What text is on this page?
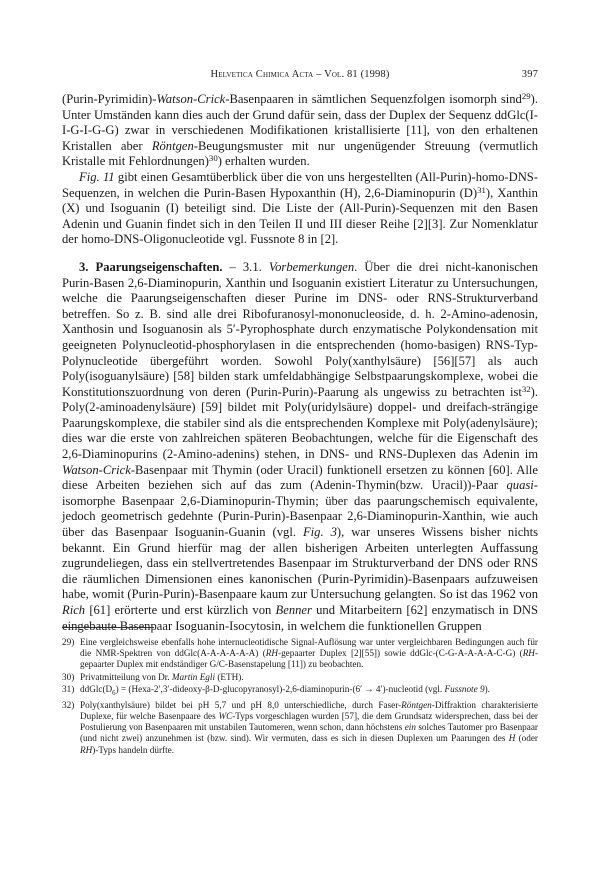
Helvetica Chimica Acta – Vol. 81 (1998)	397

(Purin-Pyrimidin)-Watson-Crick-Basenpaaren in sämtlichen Sequenzfolgen isomorph sind$^{29}$). Unter Umständen kann dies auch der Grund dafür sein, dass der Duplex der Sequenz ddGlc(I-I-G-I-G-G) zwar in verschiedenen Modifikationen kristallisierte [11], von den erhaltenen Kristallen aber Röntgen-Beugungsmuster mit nur ungenügender Streuung (vermutlich Kristalle mit Fehlordnungen)$^{30}$) erhalten wurden.

Fig. 11 gibt einen Gesamtüberblick über die von uns hergestellten (All-Purin)-homo-DNS-Sequenzen, in welchen die Purin-Basen Hypoxanthin (H), 2,6-Diaminopurin $(D)^{31}$), Xanthin (X) und Isoguanin (I) beteiligt sind. Die Liste der (All-Purin)-Sequenzen mit den Basen Adenin und Guanin findet sich in den Teilen II und III dieser Reihe [2][3]. Zur Nomenklatur der homo-DNS-Oligonucleotide vgl. Fussnote 8 in [2].

3. Paarungseigenschaften. – 3.1. Vorbemerkungen. Über die drei nicht-kanonischen Purin-Basen 2,6-Diaminopurin, Xanthin und Isoguanin existiert Literatur zu Untersuchungen, welche die Paarungseigenschaften dieser Purine im DNS- oder RNS-Strukturverband betreffen. So z. B. sind alle drei Ribofuranosyl-mononucleoside, d. h. 2-Amino-adenosin, Xanthosin und Isoguanosin als 5′-Pyrophosphate durch enzymatische Polykondensation mit geeigneten Polynucleotid-phosphorylasen in die entsprechenden (homo-basigen) RNS-Typ-Polynucleotide übergeführt worden. Sowohl Poly(xanthylsäure) [56][57] als auch Poly(isoguanylsäure) [58] bilden stark umfeldabhängige Selbstpaarungskomplexe, wobei die Konstitutionszuordnung von deren (Purin-Purin)-Paarung als ungewiss zu betrachten ist$^{32}$). Poly(2-aminoadenylsäure) [59] bildet mit Poly(uridylsäure) doppel- und dreifach-strängige Paarungskomplexe, die stabiler sind als die entsprechenden Komplexe mit Poly(adenylsäure); dies war die erste von zahlreichen späteren Beobachtungen, welche für die Eigenschaft des 2,6-Diaminopurins (2-Amino-adenins) stehen, in DNS- und RNS-Duplexen das Adenin im Watson-Crick-Basenpaar mit Thymin (oder Uracil) funktionell ersetzen zu können [60]. Alle diese Arbeiten beziehen sich auf das zum (Adenin-Thymin(bzw. Uracil))-Paar quasi-isomorphe Basenpaar 2,6-Diaminopurin-Thymin; über das paarungschemisch equivalente, jedoch geometrisch gedehnte (Purin-Purin)-Basenpaar 2,6-Diaminopurin-Xanthin, wie auch über das Basenpaar Isoguanin-Guanin (vgl. Fig. 3), war unseres Wissens bisher nichts bekannt. Ein Grund hierfür mag der allen bisherigen Arbeiten unterlegten Auffassung zugrundeliegen, dass ein stellvertretendes Basenpaar im Strukturverband der DNS oder RNS die räumlichen Dimensionen eines kanonischen (Purin-Pyrimidin)-Basenpaars aufzuweisen habe, womit (Purin-Purin)-Basenpaare kaum zur Untersuchung gelangten. So ist das 1962 von Rich [61] erörterte und erst kürzlich von Benner und Mitarbeitern [62] enzymatisch in DNS eingebaute Basenpaar Isoguanin-Isocytosin, in welchem die funktionellen Gruppen

29) Eine vergleichsweise ebenfalls hohe internucleotidische Signal-Auflösung war unter vergleichbaren Bedingungen auch für die NMR-Spektren von ddGlc(A-A-A-A-A-A) (RH-gepaarter Duplex [2][55]) sowie ddGlc-(C-G-A-A-A-A-C-G) (RH-gepaarter Duplex mit endständiger G/C-Basenstapelung [11]) zu beobachten.
30) Privatmitteilung von Dr. Martin Egli (ETH).
31) $ddGlc(D_6)$ = (Hexa-2′,3′-dideoxy-β-D-glucopyranosyl)-2,6-diaminopurin-(6′ → 4′)-nucleotid (vgl. Fussnote 9).
32) Poly(xanthylsäure) bildet bei pH 5,7 und pH 8,0 unterschiedliche, durch Faser-Röntgen-Diffraktion charakterisierte Duplexe, für welche Basenpaare des WC-Typs vorgeschlagen wurden [57], die dem Grundsatz widersprechen, dass bei der Postulierung von Basenpaaren mit unstabilen Tautomeren, wenn schon, dann höchstens ein solches Tautomer pro Basenpaar (und nicht zwei) anzunehmen ist (bzw. sind). Wir vermuten, dass es sich in diesen Duplexen um Paarungen des H (oder RH)-Typs handeln dürfte.
